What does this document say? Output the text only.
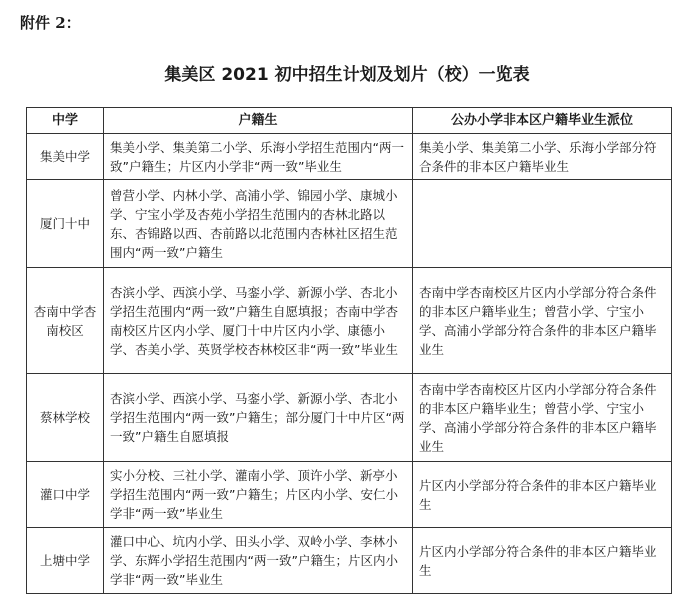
附件 2：
集美区 2021 初中招生计划及划片（校）一览表
中学	户籍生	公办小学非本区户籍毕业生派位
集美中学	集美小学、集美第二小学、乐海小学招生范围内“两一致”户籍生；片区内小学非“两一致”毕业生	集美小学、集美第二小学、乐海小学部分符合条件的非本区户籍毕业生
厦门十中	曾营小学、内林小学、高浦小学、锦园小学、康城小学、宁宝小学及杏苑小学招生范围内的杏林北路以东、杏锦路以西、杏前路以北范围内杏林社区招生范围内“两一致”户籍生	
杏南中学杏南校区	杏滨小学、西滨小学、马銮小学、新源小学、杏北小学招生范围内“两一致”户籍生自愿填报；杏南中学杏南校区片区内小学、厦门十中片区内小学、康德小学、杏美小学、英贤学校杏林校区非“两一致”毕业生	杏南中学杏南校区片区内小学部分符合条件的非本区户籍毕业生；曾营小学、宁宝小学、高浦小学部分符合条件的非本区户籍毕业生
蔡林学校	杏滨小学、西滨小学、马銮小学、新源小学、杏北小学招生范围内“两一致”户籍生；部分厦门十中片区“两一致”户籍生自愿填报	杏南中学杏南校区片区内小学部分符合条件的非本区户籍毕业生；曾营小学、宁宝小学、高浦小学部分符合条件的非本区户籍毕业生
灌口中学	实小分校、三社小学、灌南小学、顶许小学、新亭小学招生范围内“两一致”户籍生；片区内小学、安仁小学非“两一致”毕业生	片区内小学部分符合条件的非本区户籍毕业生
上塘中学	灌口中心、坑内小学、田头小学、双岭小学、李林小学、东辉小学招生范围内“两一致”户籍生；片区内小学非“两一致”毕业生	片区内小学部分符合条件的非本区户籍毕业生
